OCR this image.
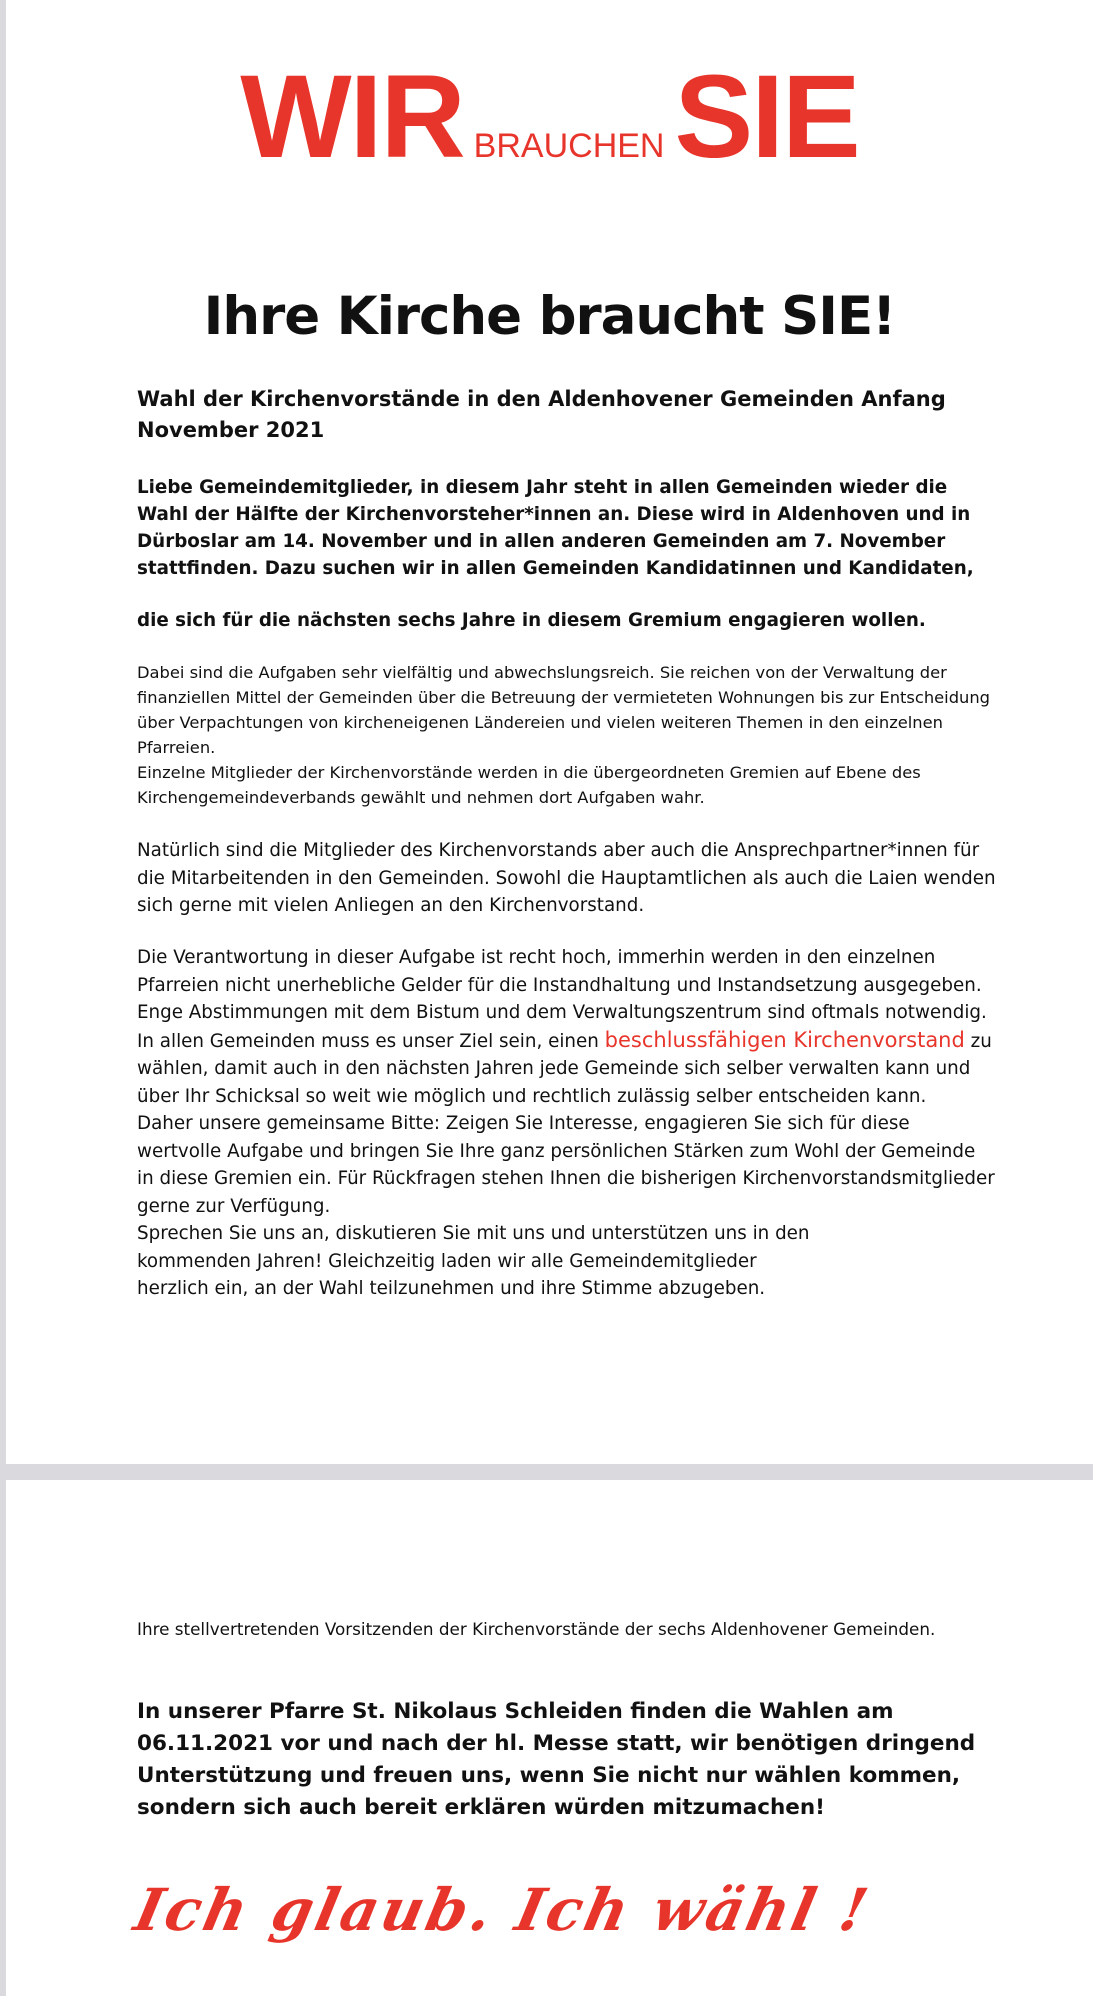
WIR BRAUCHENSIE
Ihre Kirche braucht SIE!

Wahl der Kirchenvorstände in den Aldenhovener Gemeinden Anfang November 2021

Liebe Gemeindemitglieder, in diesem Jahr steht in allen Gemeinden wieder die Wahl der Hälfte der Kirchenvorsteher*innen an. Diese wird in Aldenhoven und in Dürboslar am 14. November und in allen anderen Gemeinden am 7. November stattfinden. Dazu suchen wir in allen Gemeinden Kandidatinnen und Kandidaten,

die sich für die nächsten sechs Jahre in diesem Gremium engagieren wollen.

Dabei sind die Aufgaben sehr vielfältig und abwechslungsreich. Sie reichen von der Verwaltung der finanziellen Mittel der Gemeinden über die Betreuung der vermieteten Wohnungen bis zur Entscheidung über Verpachtungen von kircheneigenen Ländereien und vielen weiteren Themen in den einzelnen Pfarreien.

Einzelne Mitglieder der Kirchenvorstände werden in die übergeordneten Gremien auf Ebene des Kirchengemeindeverbands gewählt und nehmen dort Aufgaben wahr.

Natürlich sind die Mitglieder des Kirchenvorstands aber auch die Ansprechpartner*innen für die Mitarbeitenden in den Gemeinden. Sowohl die Hauptamtlichen als auch die Laien wenden sich gerne mit vielen Anliegen an den Kirchenvorstand.

Die Verantwortung in dieser Aufgabe ist recht hoch, immerhin werden in den einzelnen Pfarreien nicht unerhebliche Gelder für die Instandhaltung und Instandsetzung ausgegeben. Enge Abstimmungen mit dem Bistum und dem Verwaltungszentrum sind oftmals notwendig. In allen Gemeinden muss es unser Ziel sein, einen beschlussfähigen Kirchenvorstand zu wählen, damit auch in den nächsten Jahren jede Gemeinde sich selber verwalten kann und über Ihr Schicksal so weit wie möglich und rechtlich zulässig selber entscheiden kann.

Daher unsere gemeinsame Bitte: Zeigen Sie Interesse, engagieren Sie sich für diese wertvolle Aufgabe und bringen Sie Ihre ganz persönlichen Stärken zum Wohl der Gemeinde in diese Gremien ein. Für Rückfragen stehen Ihnen die bisherigen Kirchenvorstandsmitglieder gerne zur Verfügung.

Sprechen Sie uns an, diskutieren Sie mit uns und unterstützen uns in den
kommenden Jahren! Gleichzeitig laden wir alle Gemeindemitglieder
herzlich ein, an der Wahl teilzunehmen und ihre Stimme abzugeben.

Ihre stellvertretenden Vorsitzenden der Kirchenvorstände der sechs Aldenhovener Gemeinden.

In unserer Pfarre St. Nikolaus Schleiden finden die Wahlen am 06.11.2021 vor und nach der hl. Messe statt, wir benötigen dringend Unterstützung und freuen uns, wenn Sie nicht nur wählen kommen, sondern sich auch bereit erklären würden mitzumachen!

Ich glaub. Ich wähl !
